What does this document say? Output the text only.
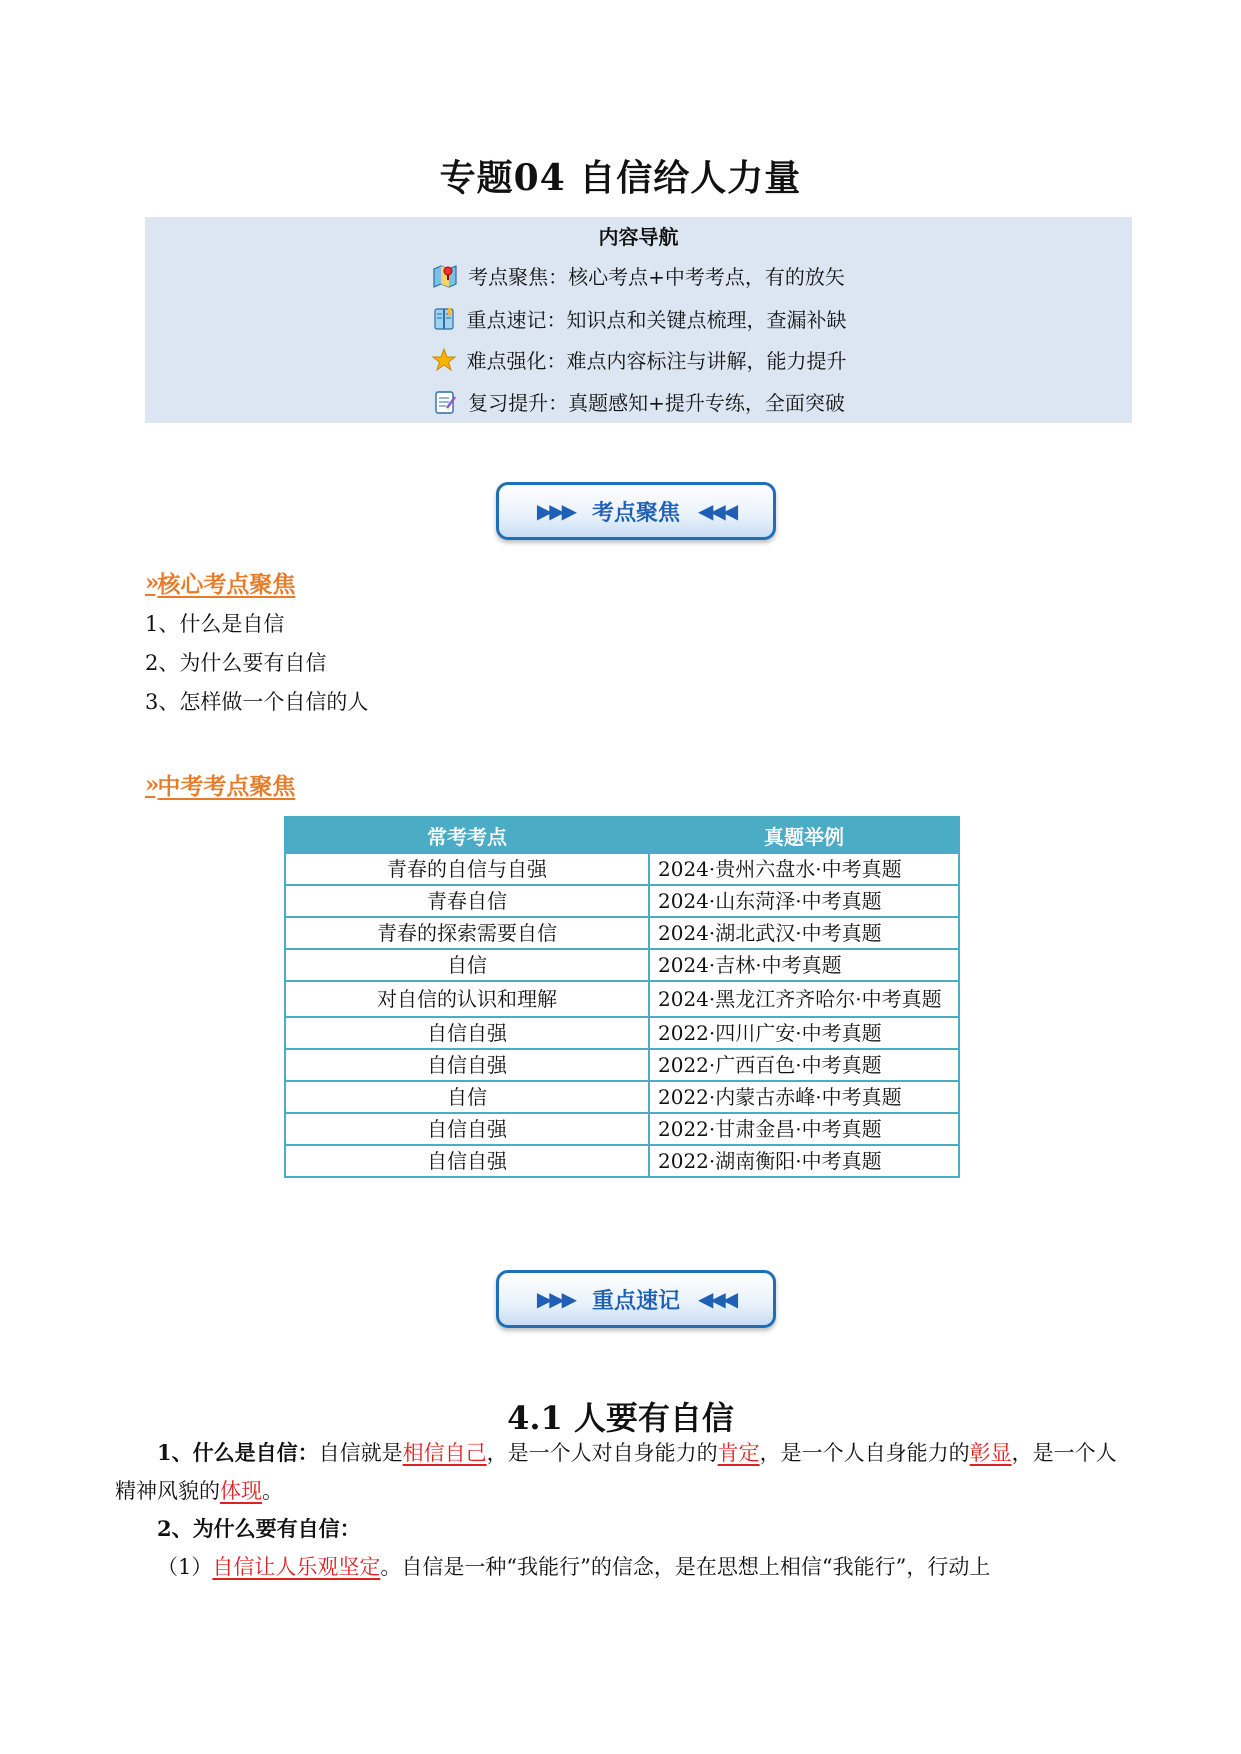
专题04 自信给人力量
内容导航
考点聚焦：核心考点+中考考点，有的放矢
重点速记：知识点和关键点梳理，查漏补缺
难点强化：难点内容标注与讲解，能力提升
复习提升：真题感知+提升专练，全面突破
▶▶▶ 考点聚焦 ◀◀◀
» 核心考点聚焦
1、什么是自信
2、为什么要有自信
3、怎样做一个自信的人
» 中考考点聚焦
常考考点	真题举例
青春的自信与自强	2024·贵州六盘水·中考真题
青春自信	2024·山东菏泽·中考真题
青春的探索需要自信	2024·湖北武汉·中考真题
自信	2024·吉林·中考真题
对自信的认识和理解	2024·黑龙江齐齐哈尔·中考真题
自信自强	2022·四川广安·中考真题
自信自强	2022·广西百色·中考真题
自信	2022·内蒙古赤峰·中考真题
自信自强	2022·甘肃金昌·中考真题
自信自强	2022·湖南衡阳·中考真题
▶▶▶ 重点速记 ◀◀◀
4.1 人要有自信
1、什么是自信：自信就是相信自己，是一个人对自身能力的肯定，是一个人自身能力的彰显，是一个人精神风貌的体现。
2、为什么要有自信：
（1）自信让人乐观坚定。自信是一种“我能行”的信念，是在思想上相信“我能行”，行动上
